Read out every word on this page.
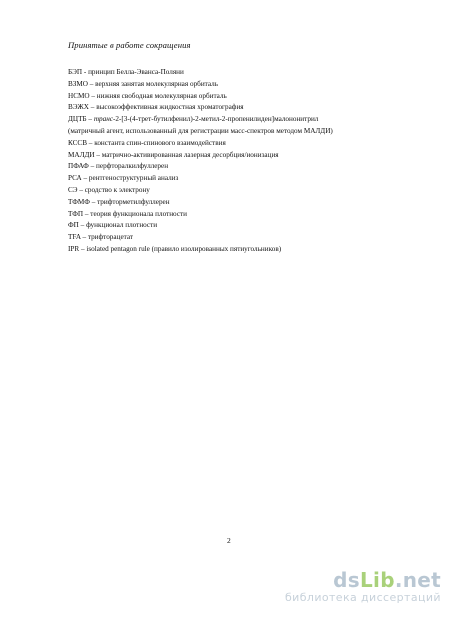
Принятые в работе сокращения
БЭП - принцип Белла-Эванса-Поляни
ВЗМО – верхняя занятая молекулярная орбиталь
НСМО – нижняя свободная молекулярная орбиталь
ВЭЖХ – высокоэффективная жидкостная хроматография
ДЦТБ – транс-2-[3-(4-трет-бутилфенил)-2-метил-2-пропенилиден]малононитрил
(матричный агент, использованный для регистрации масс-спектров методом МАЛДИ)
КССВ – константа спин-спинового взаимодействия
МАЛДИ – матрично-активированная лазерная десорбция/ионизация
ПФАФ – перфторалкилфуллерен
РСА – рентгеноструктурный анализ
СЭ – сродство к электрону
ТФМФ – трифторметилфуллерен
ТФП – теория функционала плотности
ФП – функционал плотности
TFA – трифторацетат
IPR – isolated pentagon rule (правило изолированных пятиугольников)
2
dsLib.net
библиотека диссертаций
